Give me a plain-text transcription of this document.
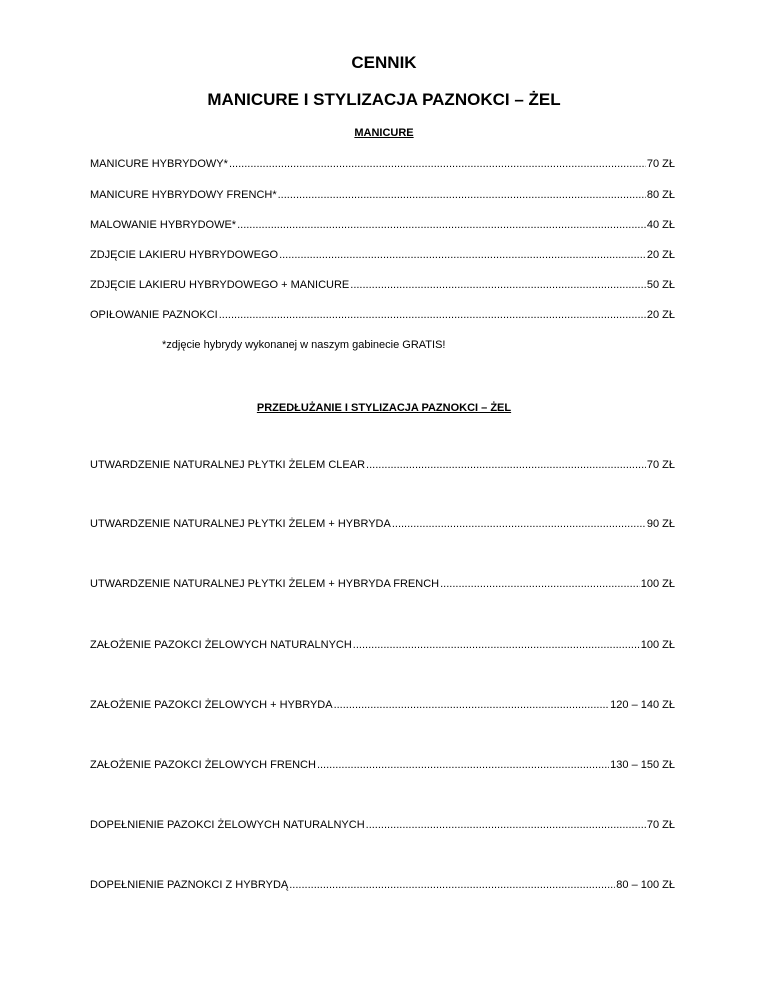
CENNIK
MANICURE I STYLIZACJA PAZNOKCI – ŻEL
MANICURE
MANICURE HYBRYDOWY* .....	70 ZŁ
MANICURE HYBRYDOWY FRENCH* .....	80 ZŁ
MALOWANIE HYBRYDOWE* .....	40 ZŁ
ZDJĘCIE LAKIERU HYBRYDOWEGO .....	20 ZŁ
ZDJĘCIE LAKIERU HYBRYDOWEGO + MANICURE .....	50 ZŁ
OPIŁOWANIE PAZNOKCI .....	20 ZŁ
*zdjęcie hybrydy wykonanej w naszym gabinecie GRATIS!
PRZEDŁUŻANIE I STYLIZACJA PAZNOKCI – ŻEL
UTWARDZENIE NATURALNEJ PŁYTKI ŻELEM CLEAR .....	70 ZŁ
UTWARDZENIE NATURALNEJ PŁYTKI ŻELEM + HYBRYDA .....	90 ZŁ
UTWARDZENIE NATURALNEJ PŁYTKI ŻELEM + HYBRYDA FRENCH .....	100 ZŁ
ZAŁOŻENIE PAZOKCI ŻELOWYCH NATURALNYCH .....	100 ZŁ
ZAŁOŻENIE PAZOKCI ŻELOWYCH + HYBRYDA .....	120 – 140 ZŁ
ZAŁOŻENIE PAZOKCI ŻELOWYCH FRENCH .....	130 – 150 ZŁ
DOPEŁNIENIE PAZOKCI ŻELOWYCH NATURALNYCH .....	70 ZŁ
DOPEŁNIENIE PAZNOKCI Z HYBRYDĄ .....	80 – 100 ZŁ
